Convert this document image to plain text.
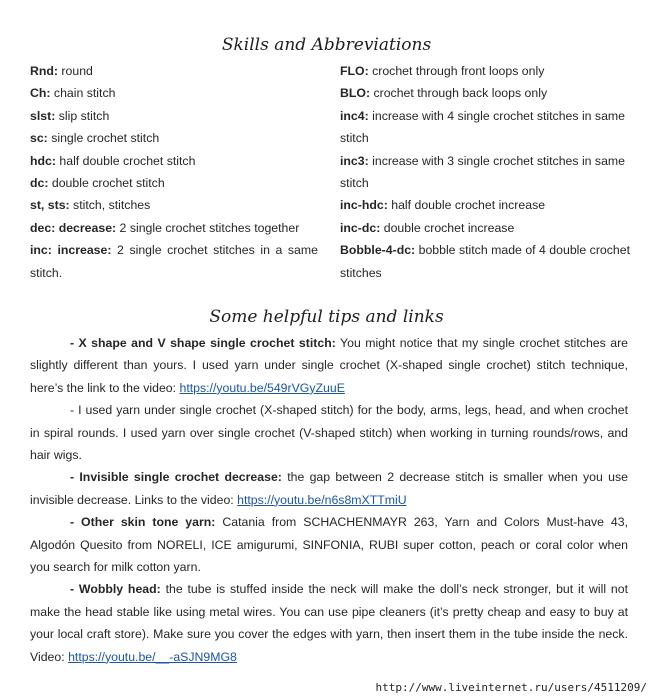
Skills and Abbreviations
Rnd: round
Ch: chain stitch
slst: slip stitch
sc: single crochet stitch
hdc: half double crochet stitch
dc: double crochet stitch
st, sts: stitch, stitches
dec: decrease: 2 single crochet stitches together
inc: increase: 2 single crochet stitches in a same stitch.
FLO: crochet through front loops only
BLO: crochet through back loops only
inc4: increase with 4 single crochet stitches in same stitch
inc3: increase with 3 single crochet stitches in same stitch
inc-hdc: half double crochet increase
inc-dc: double crochet increase
Bobble-4-dc: bobble stitch made of 4 double crochet stitches
Some helpful tips and links

- X shape and V shape single crochet stitch: You might notice that my single crochet stitches are slightly different than yours. I used yarn under single crochet (X-shaped single crochet) stitch technique, here’s the link to the video: https://youtu.be/549rVGyZuuE

- I used yarn under single crochet (X-shaped stitch) for the body, arms, legs, head, and when crochet in spiral rounds. I used yarn over single crochet (V-shaped stitch) when working in turning rounds/rows, and hair wigs.

- Invisible single crochet decrease: the gap between 2 decrease stitch is smaller when you use invisible decrease. Links to the video: https://youtu.be/n6s8mXTTmiU

- Other skin tone yarn: Catania from SCHACHENMAYR 263, Yarn and Colors Must-have 43, Algodón Quesito from NORELI, ICE amigurumi, SINFONIA, RUBI super cotton, peach or coral color when you search for milk cotton yarn.

- Wobbly head: the tube is stuffed inside the neck will make the doll’s neck stronger, but it will not make the head stable like using metal wires. You can use pipe cleaners (it’s pretty cheap and easy to buy at your local craft store). Make sure you cover the edges with yarn, then insert them in the tube inside the neck. Video: https://youtu.be/__-aSJN9MG8

http://www.liveinternet.ru/users/4511209/
